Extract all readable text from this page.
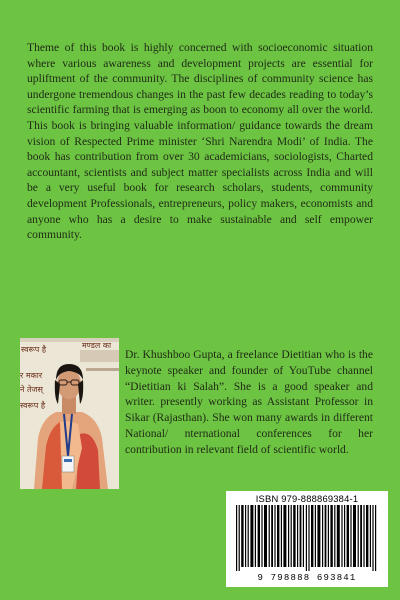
Theme of this book is highly concerned with socioeconomic situation where various awareness and development projects are essential for upliftment of the community. The disciplines of community science has undergone tremendous changes in the past few decades reading to today’s scientific farming that is emerging as boon to economy all over the world. This book is bringing valuable information/ guidance towards the dream vision of Respected Prime minister ‘Shri Narendra Modi’ of India. The book has contribution from over 30 academicians, sociologists, Charted accountant, scientists and subject matter specialists across India and will be a very useful book for research scholars, students, community development Professionals, entrepreneurs, policy makers, economists and anyone who has a desire to make sustainable and self empower community.

स्वरूप है
र मकार
ने तेजस्
स्वरूप है
मण्डल का

Dr. Khushboo Gupta, a freelance Dietitian who is the keynote speaker and founder of YouTube channel “Dietitian ki Salah”. She is a good speaker and writer. presently working as Assistant Professor in Sikar (Rajasthan). She won many awards in different National/ nternational conferences for her contribution in relevant field of scientific world.

ISBN 979-888869384-1
9 798888 693841
